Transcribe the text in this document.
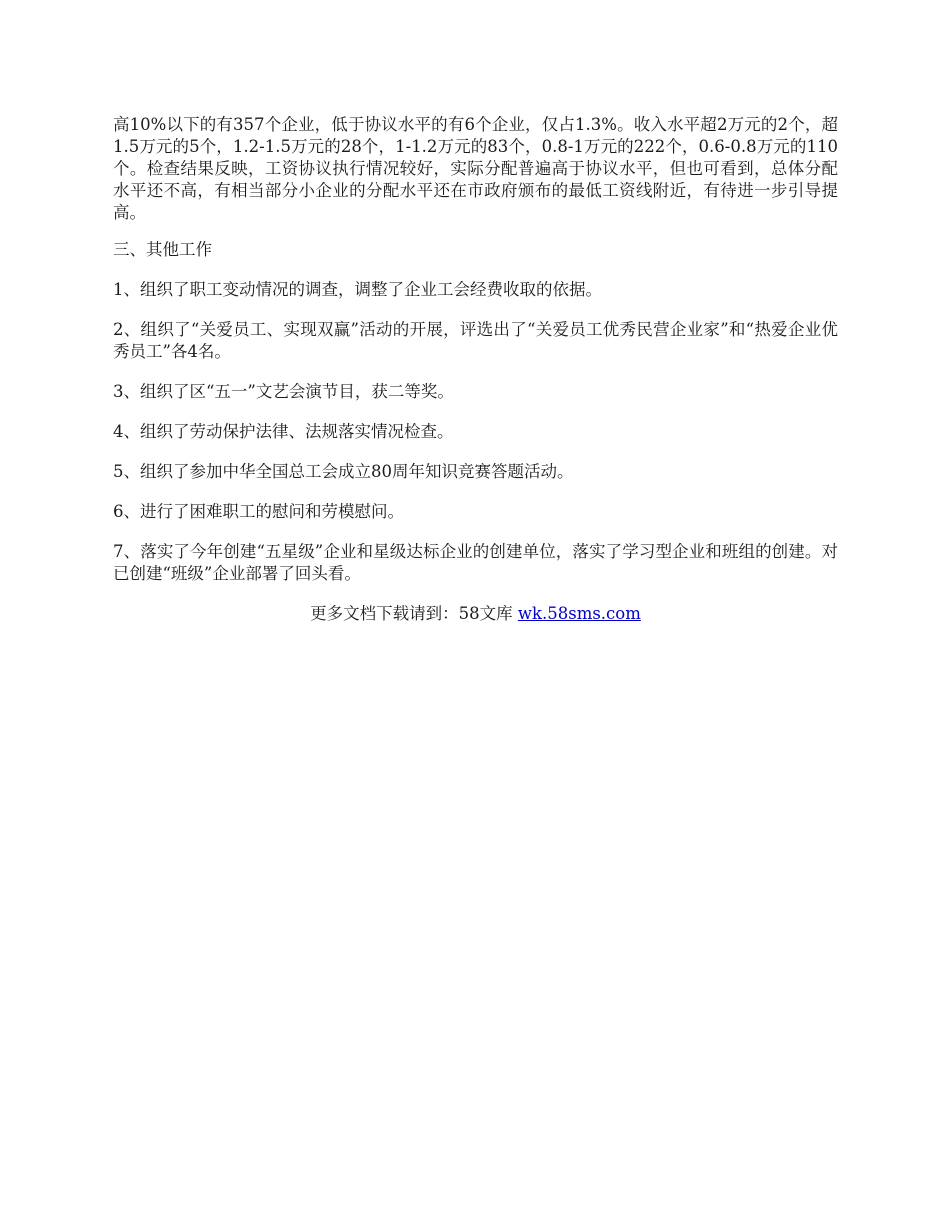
高10%以下的有357个企业，低于协议水平的有6个企业，仅占1.3%。收入水平超2万元的2个，超1.5万元的5个，1.2-1.5万元的28个，1-1.2万元的83个，0.8-1万元的222个，0.6-0.8万元的110个。检查结果反映，工资协议执行情况较好，实际分配普遍高于协议水平，但也可看到，总体分配水平还不高，有相当部分小企业的分配水平还在市政府颁布的最低工资线附近，有待进一步引导提高。

三、其他工作

1、组织了职工变动情况的调查，调整了企业工会经费收取的依据。

2、组织了“关爱员工、实现双赢”活动的开展，评选出了“关爱员工优秀民营企业家”和“热爱企业优秀员工”各4名。

3、组织了区“五一”文艺会演节目，获二等奖。

4、组织了劳动保护法律、法规落实情况检查。

5、组织了参加中华全国总工会成立80周年知识竞赛答题活动。

6、进行了困难职工的慰问和劳模慰问。

7、落实了今年创建“五星级”企业和星级达标企业的创建单位，落实了学习型企业和班组的创建。对已创建“班级”企业部署了回头看。

更多文档下载请到：58文库 wk.58sms.com
